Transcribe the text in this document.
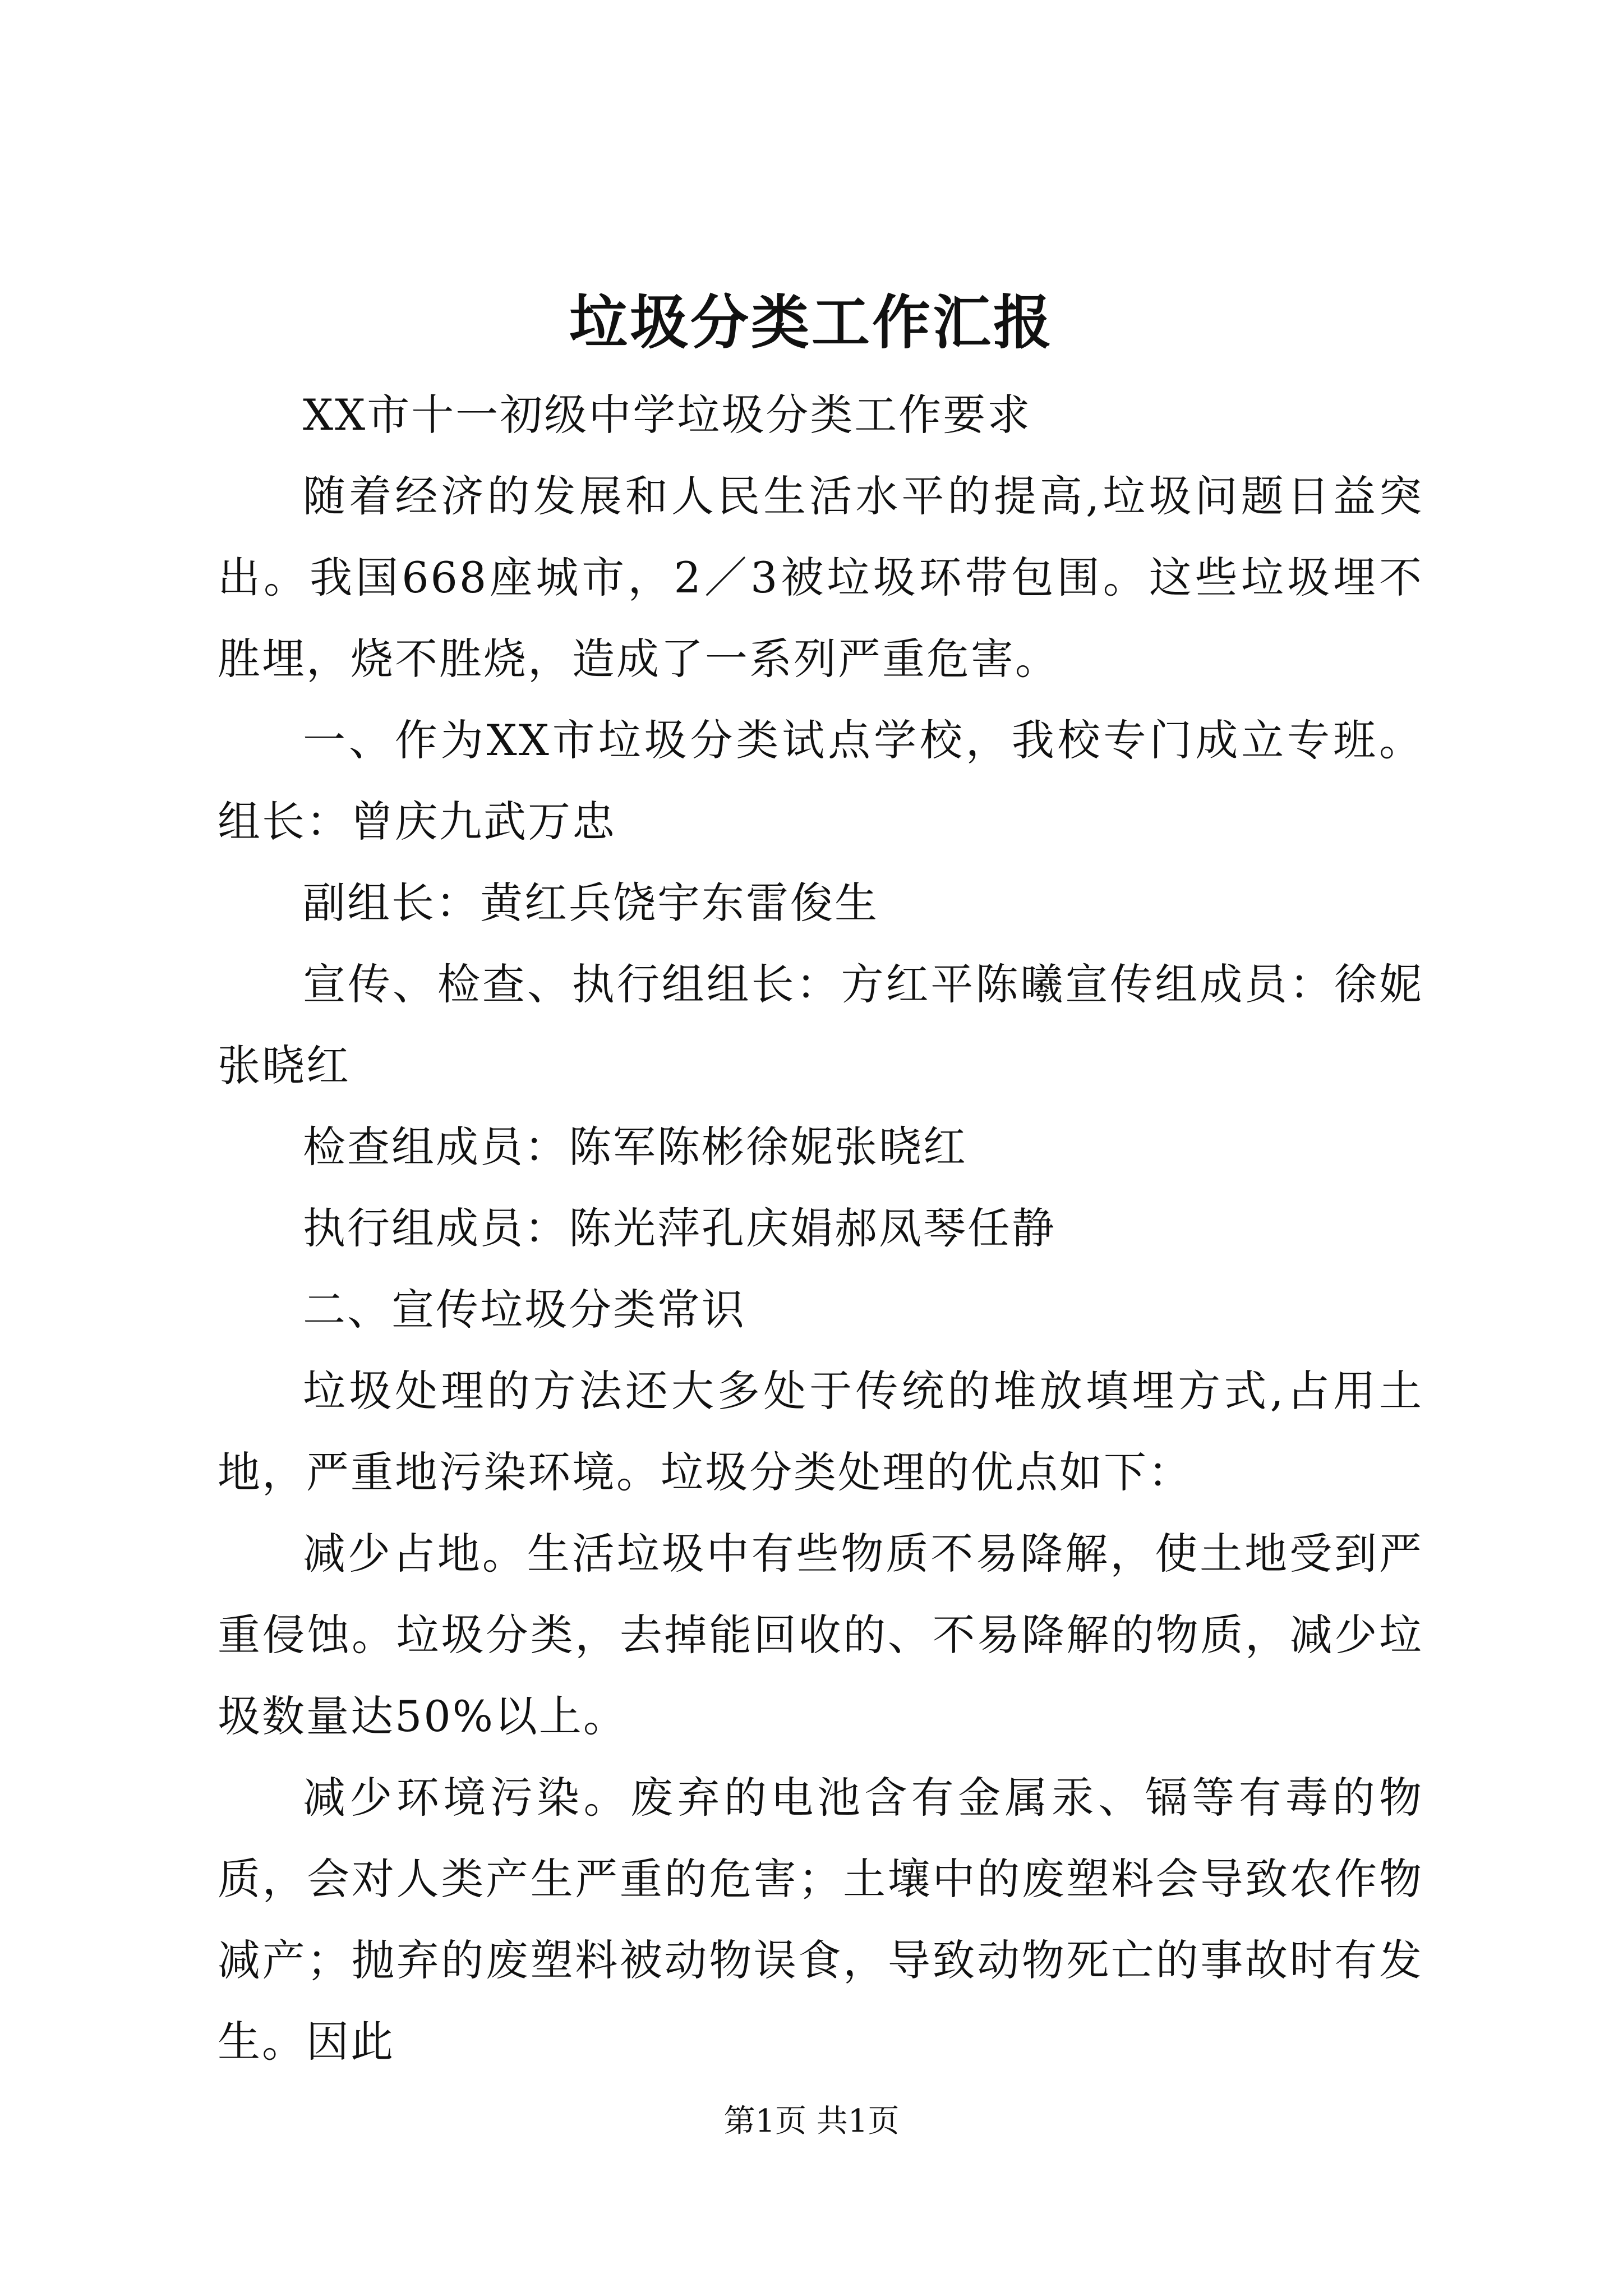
垃圾分类工作汇报

XX市十一初级中学垃圾分类工作要求

随着经济的发展和人民生活水平的提高,垃圾问题日益突出。我国668座城市，2／3被垃圾环带包围。这些垃圾埋不胜埋，烧不胜烧，造成了一系列严重危害。

一、作为XX市垃圾分类试点学校，我校专门成立专班。组长：曾庆九武万忠

副组长：黄红兵饶宇东雷俊生

宣传、检查、执行组组长：方红平陈曦宣传组成员：徐妮张晓红

检查组成员：陈军陈彬徐妮张晓红

执行组成员：陈光萍孔庆娟郝凤琴任静

二、宣传垃圾分类常识

垃圾处理的方法还大多处于传统的堆放填埋方式,占用土地，严重地污染环境。垃圾分类处理的优点如下：

减少占地。生活垃圾中有些物质不易降解，使土地受到严重侵蚀。垃圾分类，去掉能回收的、不易降解的物质，减少垃圾数量达50%以上。

减少环境污染。废弃的电池含有金属汞、镉等有毒的物质，会对人类产生严重的危害；土壤中的废塑料会导致农作物减产；抛弃的废塑料被动物误食，导致动物死亡的事故时有发生。因此

第1页 共1页
